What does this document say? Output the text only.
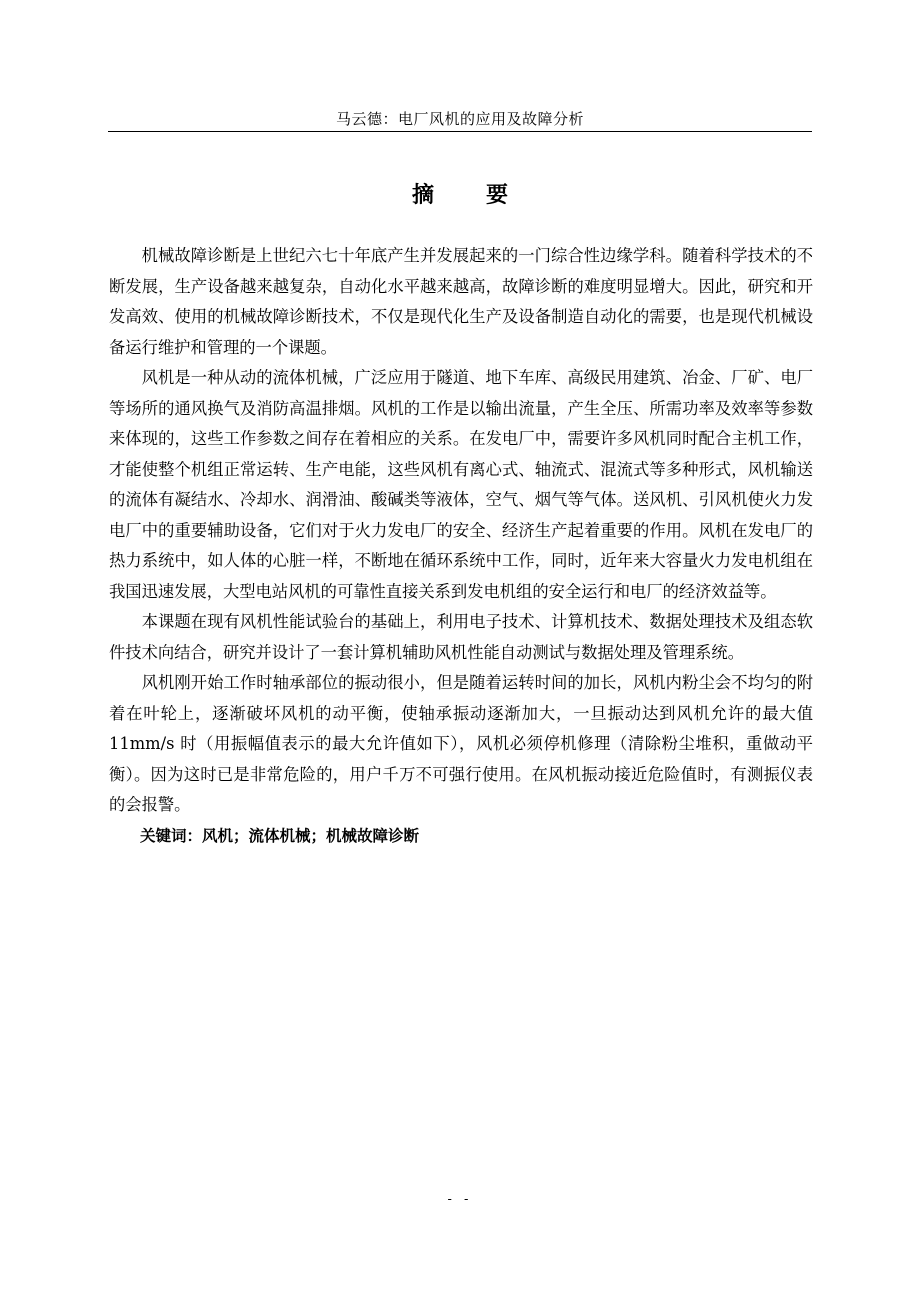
马云德：电厂风机的应用及故障分析
摘 要

机械故障诊断是上世纪六七十年底产生并发展起来的一门综合性边缘学科。随着科学技术的不断发展，生产设备越来越复杂，自动化水平越来越高，故障诊断的难度明显增大。因此，研究和开发高效、使用的机械故障诊断技术，不仅是现代化生产及设备制造自动化的需要，也是现代机械设备运行维护和管理的一个课题。

风机是一种从动的流体机械，广泛应用于隧道、地下车库、高级民用建筑、冶金、厂矿、电厂等场所的通风换气及消防高温排烟。风机的工作是以输出流量，产生全压、所需功率及效率等参数来体现的，这些工作参数之间存在着相应的关系。在发电厂中，需要许多风机同时配合主机工作，才能使整个机组正常运转、生产电能，这些风机有离心式、轴流式、混流式等多种形式，风机输送的流体有凝结水、冷却水、润滑油、酸碱类等液体，空气、烟气等气体。送风机、引风机使火力发电厂中的重要辅助设备，它们对于火力发电厂的安全、经济生产起着重要的作用。风机在发电厂的热力系统中，如人体的心脏一样，不断地在循环系统中工作，同时，近年来大容量火力发电机组在我国迅速发展，大型电站风机的可靠性直接关系到发电机组的安全运行和电厂的经济效益等。

本课题在现有风机性能试验台的基础上，利用电子技术、计算机技术、数据处理技术及组态软件技术向结合，研究并设计了一套计算机辅助风机性能自动测试与数据处理及管理系统。

风机刚开始工作时轴承部位的振动很小，但是随着运转时间的加长，风机内粉尘会不均匀的附着在叶轮上，逐渐破坏风机的动平衡，使轴承振动逐渐加大，一旦振动达到风机允许的最大值 11mm/s 时（用振幅值表示的最大允许值如下），风机必须停机修理（清除粉尘堆积，重做动平衡）。因为这时已是非常危险的，用户千万不可强行使用。在风机振动接近危险值时，有测振仪表的会报警。

关键词：风机；流体机械；机械故障诊断

- -
